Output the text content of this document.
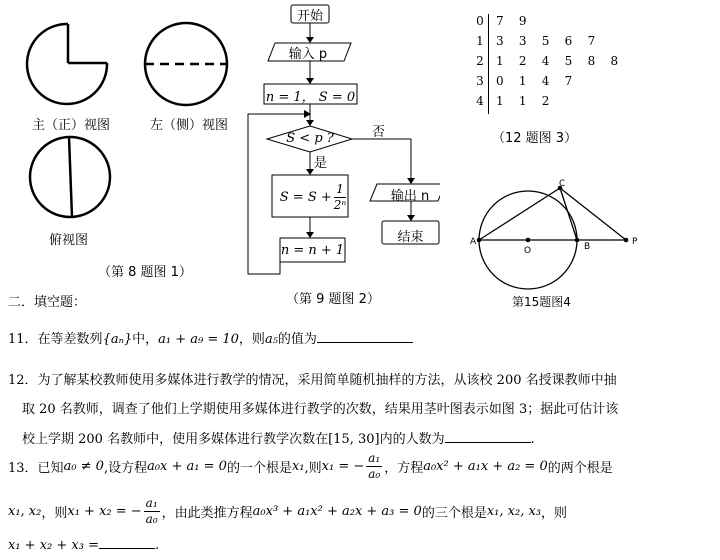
主（正）视图	左（侧）视图
俯视图
（第 8 题图 1）
开始
输入 p
n = 1， S = 0
S < p ?	否
是
$S = S + \frac{1}{\text{2ⁿ}}$
n = n + 1
输出 n
结束
（第 9 题图 2）
0 7    9
1 3    3    5    6    7
2 1    2    4    5    8    8
3 0    1    4    7
4 1    1    2
（12 题图 3）
A
O	B
C
P
第15题图4
二．填空题：
11．在等差数列{aₙ}中，a₁ + a₉ = 10，则a₅的值为
12．为了解某校教师使用多媒体进行教学的情况，采用简单随机抽样的方法，从该校 200 名授课教师中抽
取 20 名教师，调查了他们上学期使用多媒体进行教学的次数，结果用茎叶图表示如图 3；据此可估计该
校上学期 200 名教师中，使用多媒体进行教学次数在[15, 30]内的人数为	.
13． 已知 a₀ ≠ 0 ,设方程 a₀x + a₁ = 0 的一个根是 x₁ ,则 x₁ = − $\frac{\text{a₁}}{\text{a₀}}$ ，方程 a₀x² + a₁x + a₂ = 0 的两个根是
x₁, x₂ ，则 x₁ + x₂ = − $\frac{\text{a₁}}{\text{a₀}}$ ，由此类推方程 a₀x³ + a₁x² + a₂x + a₃ = 0 的三个根是 x₁, x₂, x₃ ，则
x₁ + x₂ + x₃ =	.
